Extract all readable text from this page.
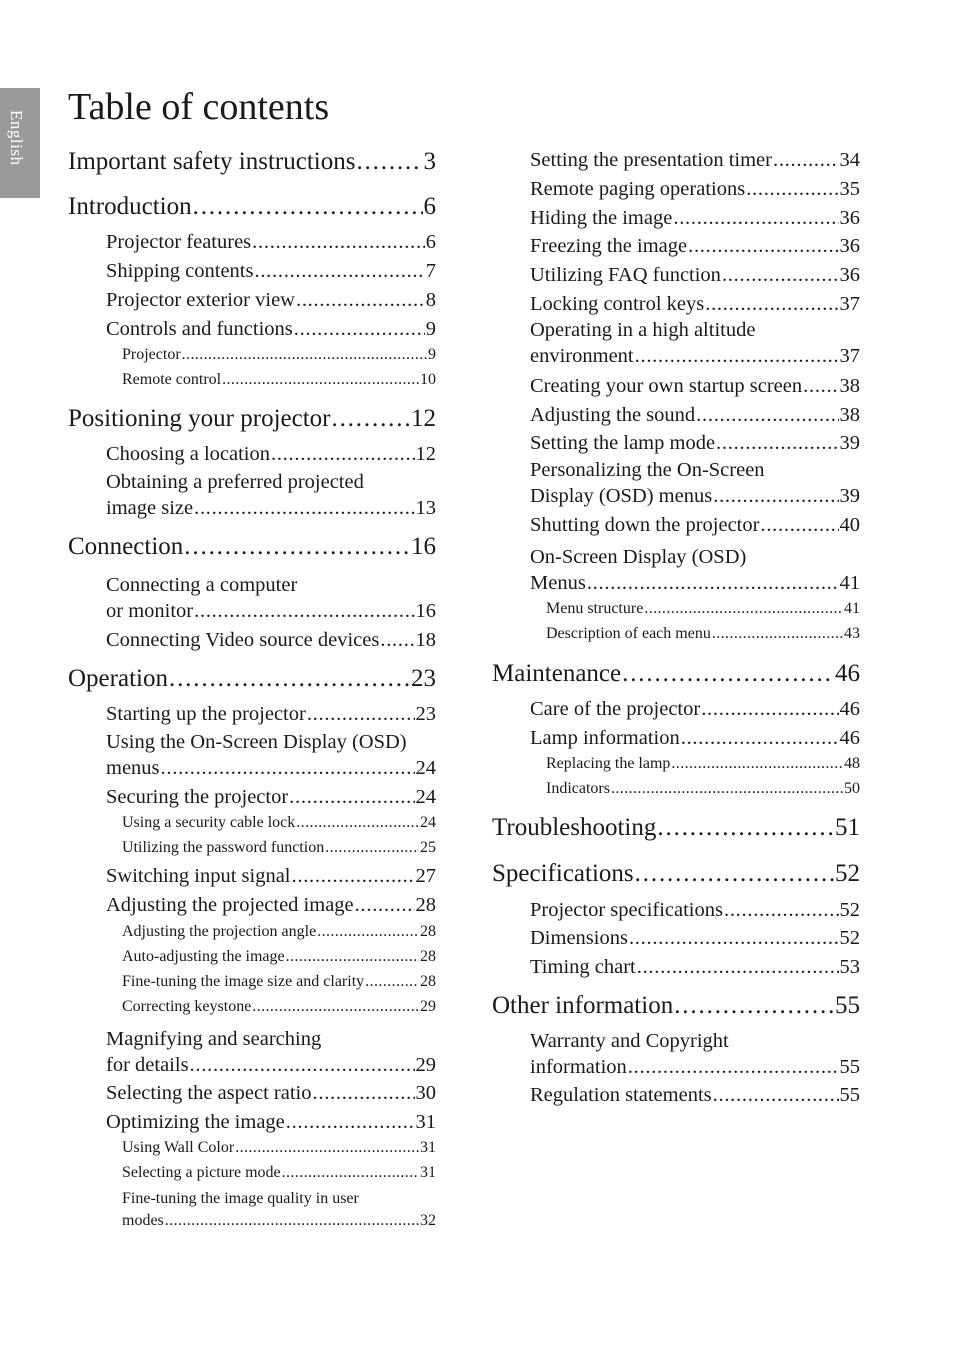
English
Table of contents
Important safety instructions . . .	3
Introduction . . .	6
Projector features . . .	6
Shipping contents . . .	7
Projector exterior view . . .	8
Controls and functions . . .	9
Projector . . .	9
Remote control . . .	10
Positioning your projector . . .	12
Choosing a location . . .	12
Obtaining a preferred projected
image size . . .	13
Connection . . .	16
Connecting a computer
or monitor . . .	16
Connecting Video source devices . . . 18
Operation . . .	23
Starting up the projector . . .	23
Using the On-Screen Display (OSD)
menus . . .	24
Securing the projector . . .	24
Using a security cable lock . . .	24
Utilizing the password function . . .	25
Switching input signal . . .	27
Adjusting the projected image . . .	28
Adjusting the projection angle . . .	28
Auto-adjusting the image . . .	28
Fine-tuning the image size and clarity . . .	28
Correcting keystone . . .	29
Magnifying and searching
for details . . .	29
Selecting the aspect ratio . . .	30
Optimizing the image . . .	31
Using Wall Color . . .	31
Selecting a picture mode . . .	31
Fine-tuning the image quality in user
modes . . .	32
Setting the presentation timer . . .	34
Remote paging operations . . .	35
Hiding the image . . .	36
Freezing the image . . .	36
Utilizing FAQ function . . .	36
Locking control keys . . .	37
Operating in a high altitude
environment . . .	37
Creating your own startup screen . . . 38
Adjusting the sound . . .	38
Setting the lamp mode . . .	39
Personalizing the On-Screen
Display (OSD) menus . . .	39
Shutting down the projector . . .	40
On-Screen Display (OSD)
Menus . . .	41
Menu structure . . .	41
Description of each menu . . .	43
Maintenance . . .	46
Care of the projector . . .	46
Lamp information . . .	46
Replacing the lamp . . .	48
Indicators . . .	50
Troubleshooting . . .	51
Specifications . . .	52
Projector specifications . . .	52
Dimensions . . .	52
Timing chart . . .	53
Other information . . .	55
Warranty and Copyright
information . . .	55
Regulation statements . . .	55
